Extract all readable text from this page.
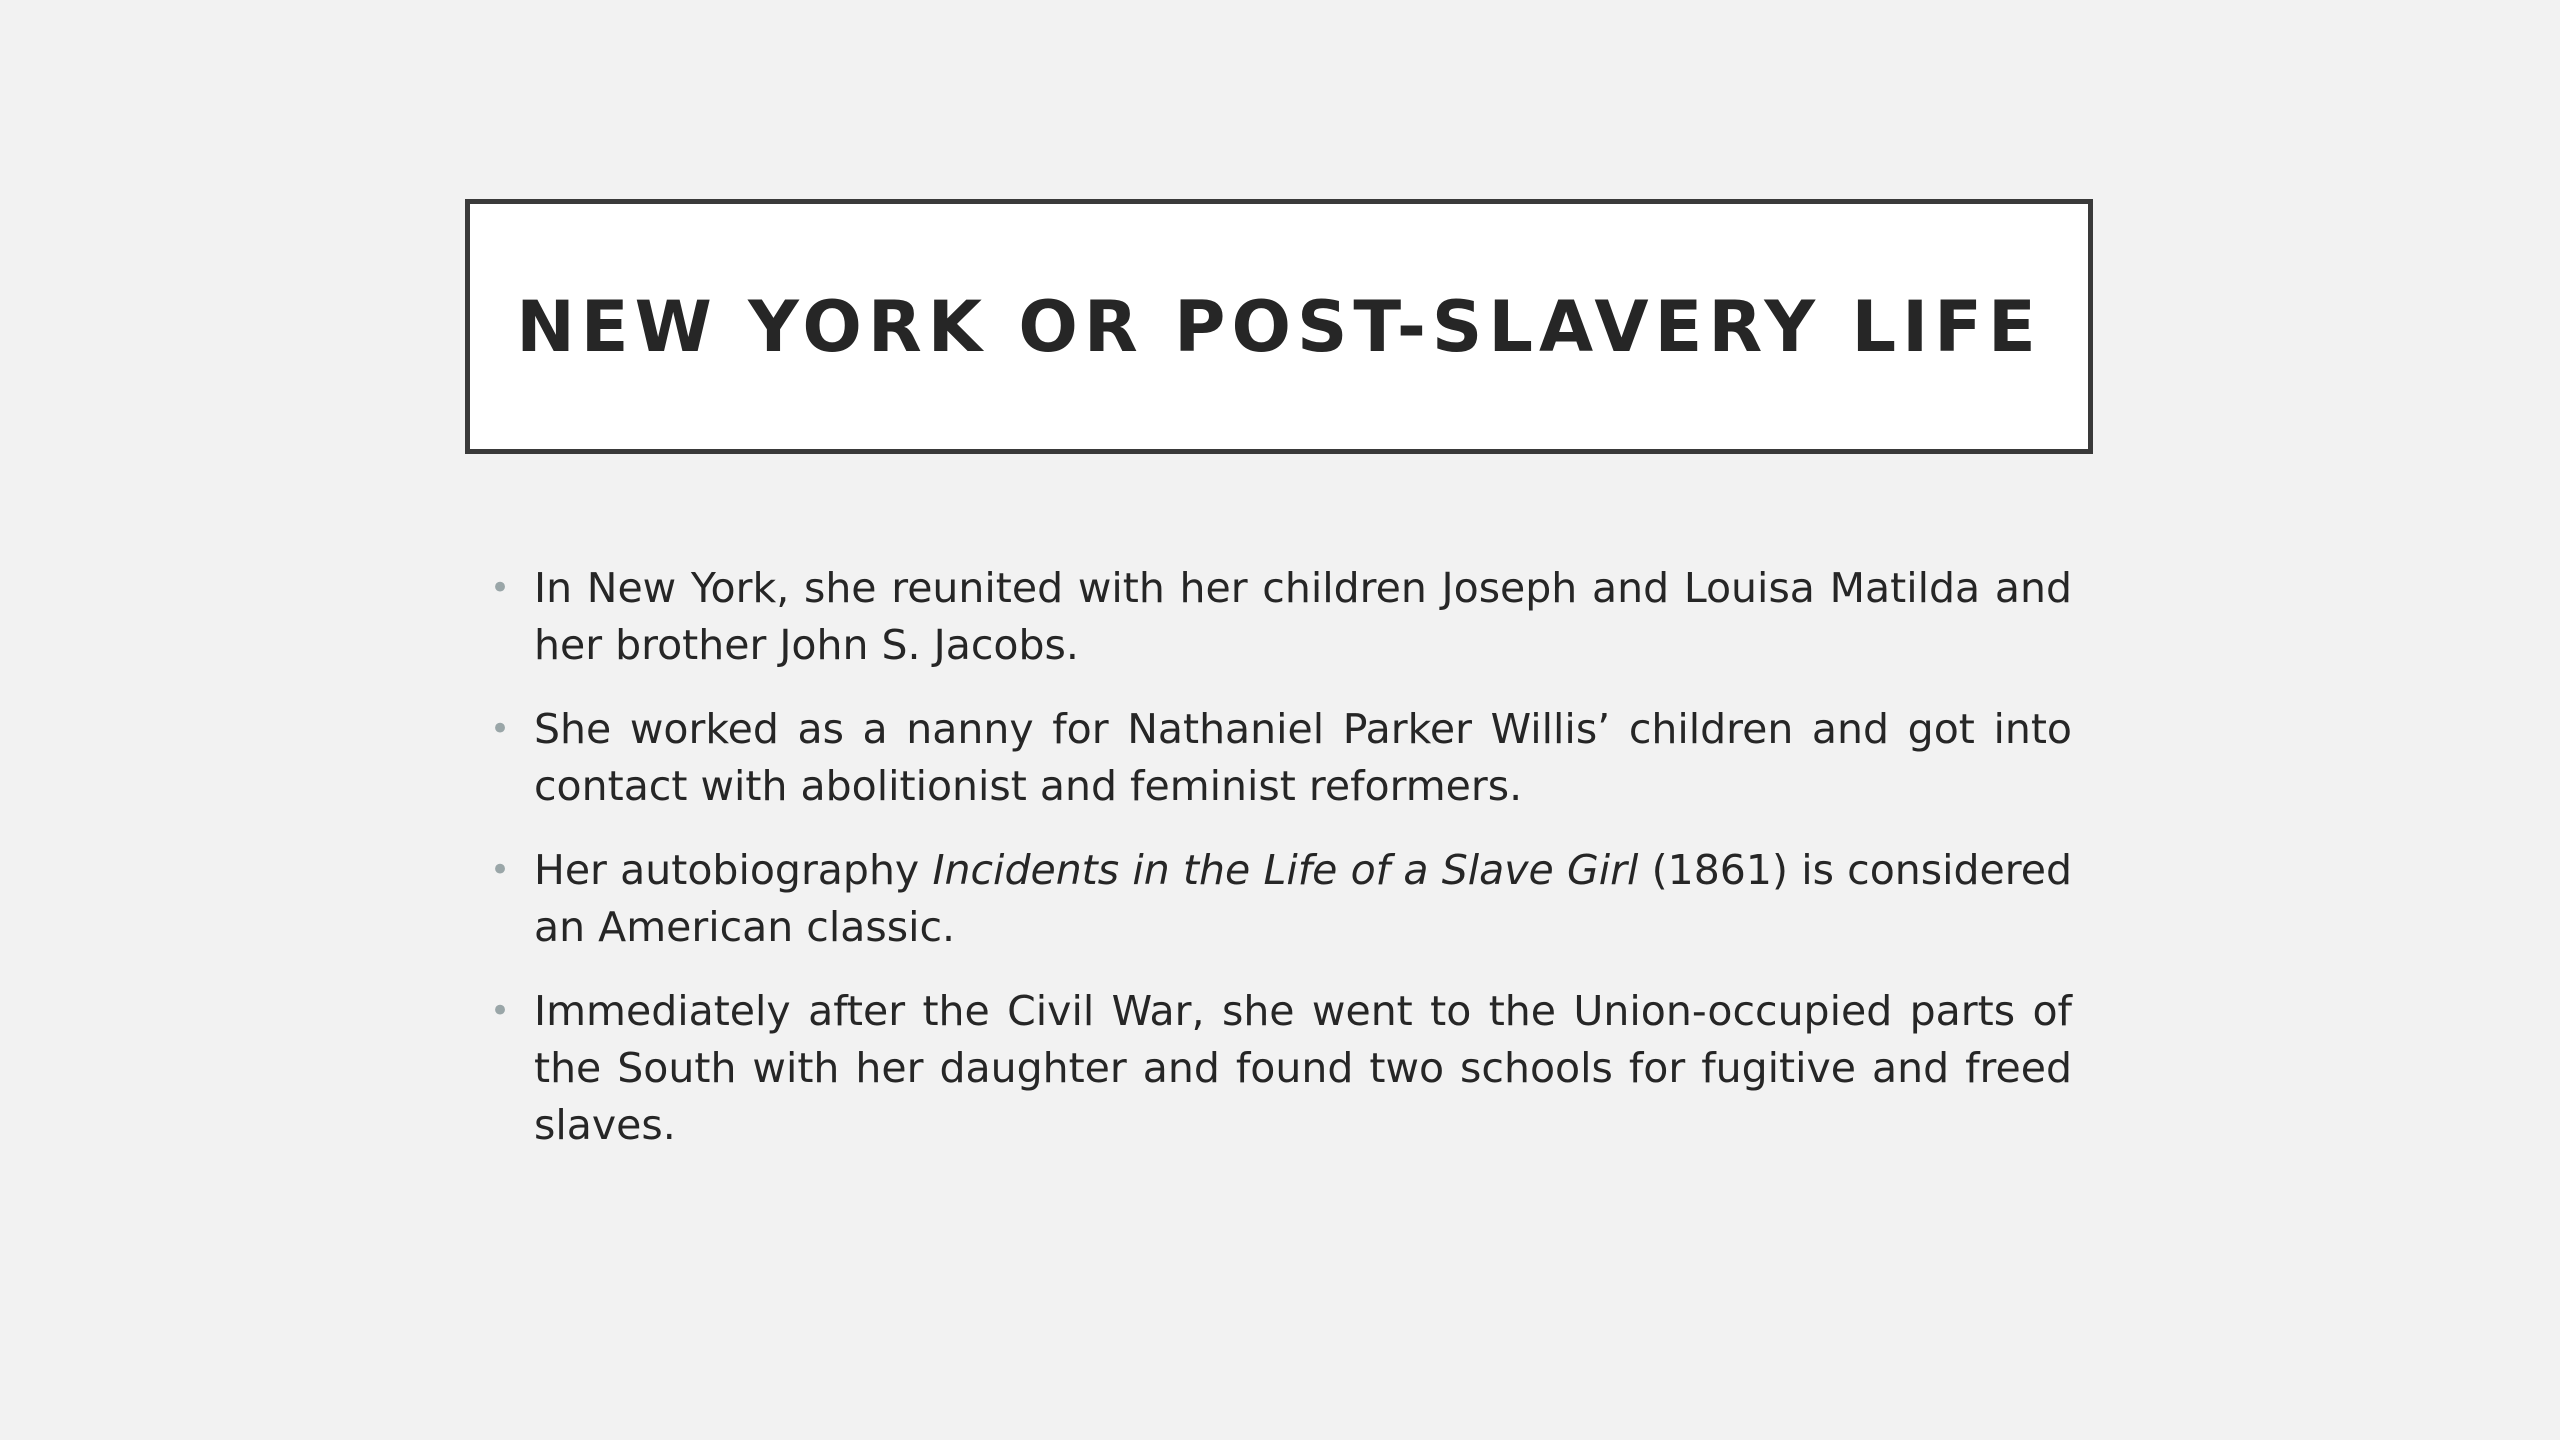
NEW YORK OR POST-SLAVERY LIFE
• In New York, she reunited with her children Joseph and Louisa Matilda and her brother John S. Jacobs.
• She worked as a nanny for Nathaniel Parker Willis’ children and got into contact with abolitionist and feminist reformers.
• Her autobiography Incidents in the Life of a Slave Girl (1861) is considered an American classic.
• Immediately after the Civil War, she went to the Union-occupied parts of the South with her daughter and found two schools for fugitive and freed slaves.
